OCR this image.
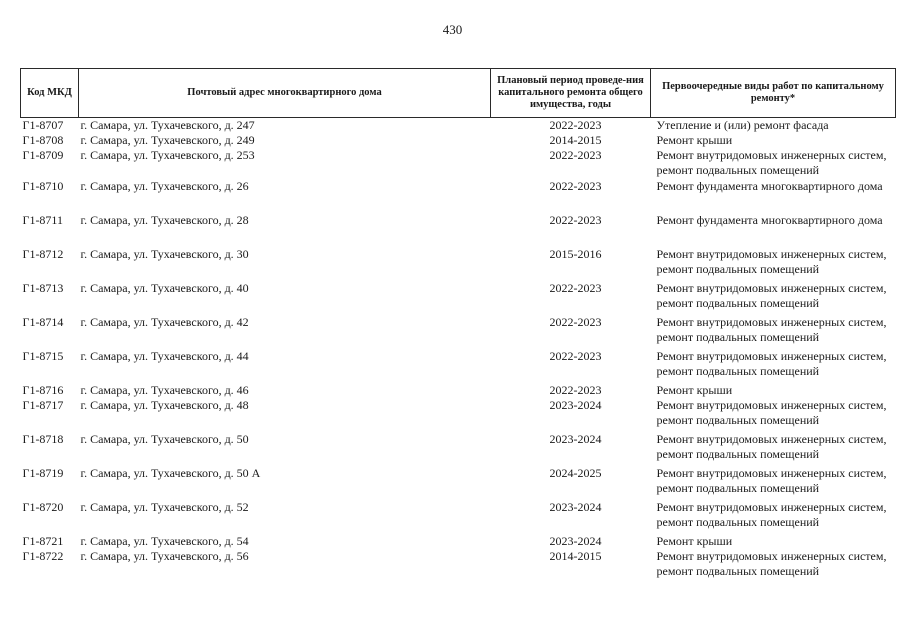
430
Код МКД	Почтовый адрес многоквартирного дома	Плановый период проведе-ния капитального ремонта общего имущества, годы	Первоочередные виды работ по капитальному ремонту*
Г1-8707	г. Самара, ул. Тухачевского, д. 247	2022-2023	Утепление и (или) ремонт фасада

Г1-8708	г. Самара, ул. Тухачевского, д. 249	2014-2015	Ремонт крыши

Г1-8709	г. Самара, ул. Тухачевского, д. 253	2022-2023	Ремонт внутридомовых инженерных систем,
ремонт подвальных помещений

Г1-8710	г. Самара, ул. Тухачевского, д. 26	2022-2023	Ремонт фундамента многоквартирного дома

Г1-8711	г. Самара, ул. Тухачевского, д. 28	2022-2023	Ремонт фундамента многоквартирного дома

Г1-8712	г. Самара, ул. Тухачевского, д. 30	2015-2016	Ремонт внутридомовых инженерных систем,
ремонт подвальных помещений

Г1-8713	г. Самара, ул. Тухачевского, д. 40	2022-2023	Ремонт внутридомовых инженерных систем,
ремонт подвальных помещений

Г1-8714	г. Самара, ул. Тухачевского, д. 42	2022-2023	Ремонт внутридомовых инженерных систем,
ремонт подвальных помещений

Г1-8715	г. Самара, ул. Тухачевского, д. 44	2022-2023	Ремонт внутридомовых инженерных систем,
ремонт подвальных помещений

Г1-8716	г. Самара, ул. Тухачевского, д. 46	2022-2023	Ремонт крыши

Г1-8717	г. Самара, ул. Тухачевского, д. 48	2023-2024	Ремонт внутридомовых инженерных систем,
ремонт подвальных помещений

Г1-8718	г. Самара, ул. Тухачевского, д. 50	2023-2024	Ремонт внутридомовых инженерных систем,
ремонт подвальных помещений

Г1-8719	г. Самара, ул. Тухачевского, д. 50 А	2024-2025	Ремонт внутридомовых инженерных систем,
ремонт подвальных помещений

Г1-8720	г. Самара, ул. Тухачевского, д. 52	2023-2024	Ремонт внутридомовых инженерных систем,
ремонт подвальных помещений

Г1-8721	г. Самара, ул. Тухачевского, д. 54	2023-2024	Ремонт крыши

Г1-8722	г. Самара, ул. Тухачевского, д. 56	2014-2015	Ремонт внутридомовых инженерных систем,
ремонт подвальных помещений
